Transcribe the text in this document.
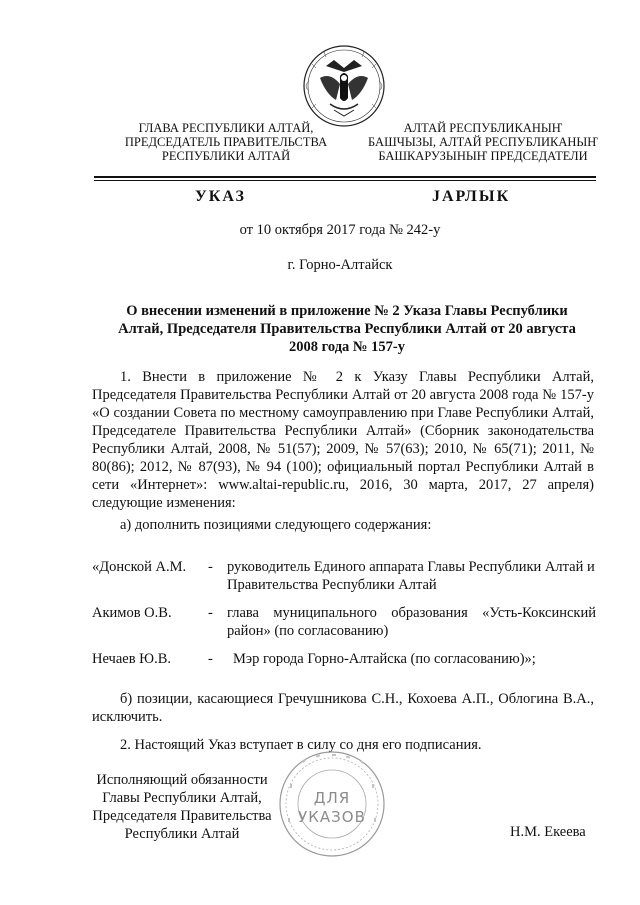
ГЛАВА РЕСПУБЛИКИ АЛТАЙ,
ПРЕДСЕДАТЕЛЬ ПРАВИТЕЛЬСТВА
РЕСПУБЛИКИ АЛТАЙ
АЛТАЙ РЕСПУБЛИКАНЫҤ
БАШЧЫЗЫ, АЛТАЙ РЕСПУБЛИКАНЫҤ
БАШКАРУЗЫНЫҤ ПРЕДСЕДАТЕЛИ
УКАЗ	JАРЛЫК
от 10 октября 2017 года № 242-у
г. Горно-Алтайск
О внесении изменений в приложение № 2 Указа Главы Республики Алтай, Председателя Правительства Республики Алтай от 20 августа 2008 года № 157-у
1. Внести в приложение № 2 к Указу Главы Республики Алтай, Председателя Правительства Республики Алтай от 20 августа 2008 года № 157-у «О создании Совета по местному самоуправлению при Главе Республики Алтай, Председателе Правительства Республики Алтай» (Сборник законодательства Республики Алтай, 2008, № 51(57); 2009, № 57(63); 2010, № 65(71); 2011, № 80(86); 2012, № 87(93), № 94 (100); официальный портал Республики Алтай в сети «Интернет»: www.altai-republic.ru, 2016, 30 марта, 2017, 27 апреля) следующие изменения:
а) дополнить позициями следующего содержания:
«Донской А.М. - руководитель Единого аппарата Главы Республики Алтай и Правительства Республики Алтай
Акимов О.В.	- глава муниципального образования «Усть-Коксинский район» (по согласованию)
Нечаев Ю.В.	- Мэр города Горно-Алтайска (по согласованию)»;
б) позиции, касающиеся Гречушникова С.Н., Кохоева А.П., Облогина В.А., исключить.
2. Настоящий Указ вступает в силу со дня его подписания.
Исполняющий обязанности
Главы Республики Алтай,
Председателя Правительства
Республики Алтай	Н.М. Екеева
ДЛЯ
УКАЗОВ
